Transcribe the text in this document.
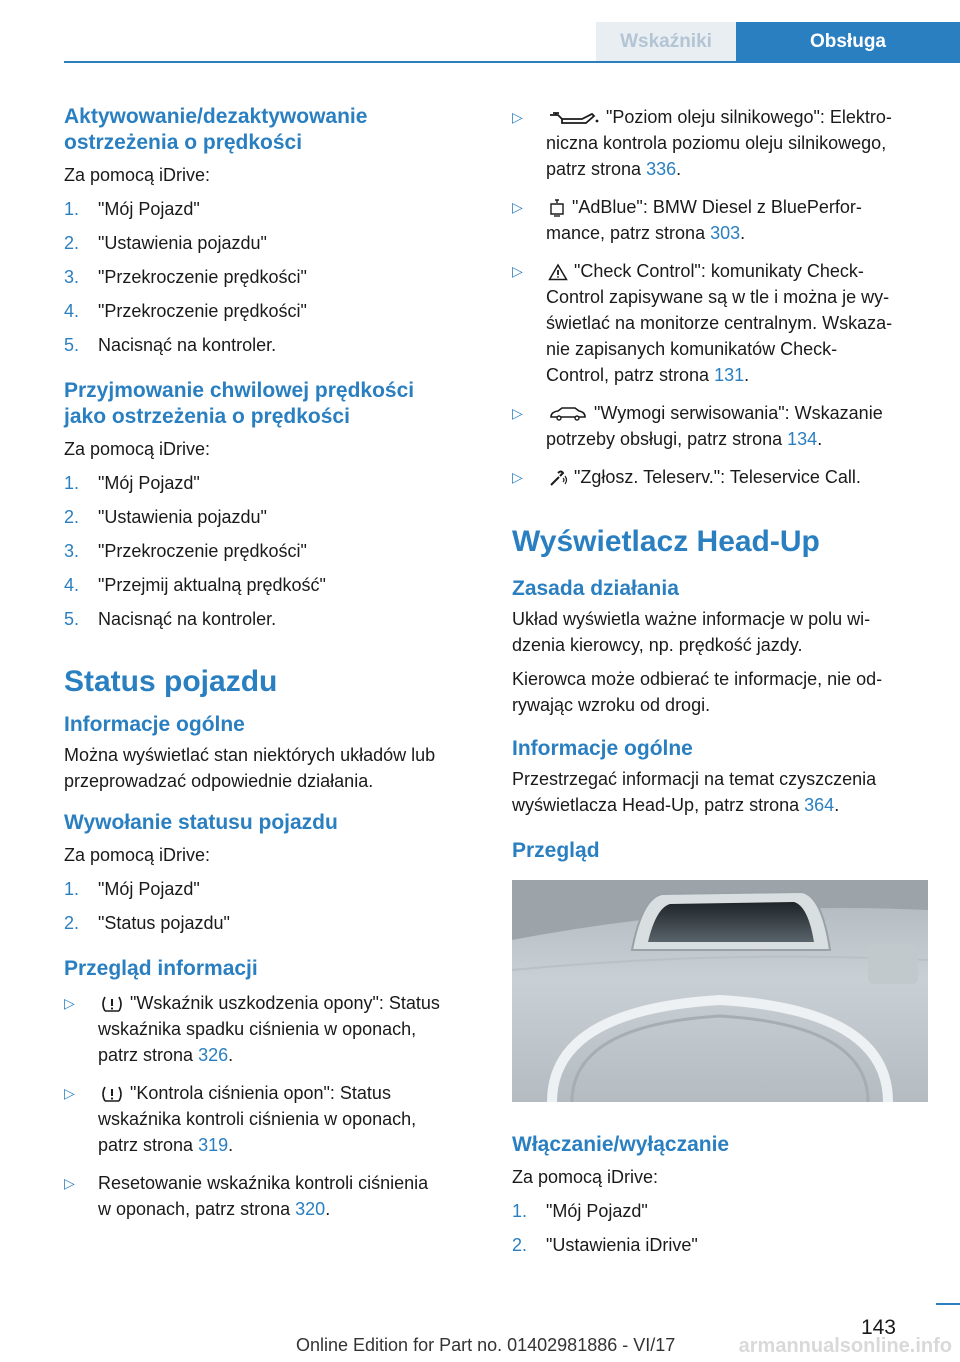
Wskaźniki	Obsługa
Aktywowanie/dezaktywowanie
ostrzeżenia o prędkości

Za pomocą iDrive:

1. "Mój Pojazd"
2. "Ustawienia pojazdu"
3. "Przekroczenie prędkości"
4. "Przekroczenie prędkości"
5. Nacisnąć na kontroler.
Przyjmowanie chwilowej prędkości
jako ostrzeżenia o prędkości

Za pomocą iDrive:

1. "Mój Pojazd"
2. "Ustawienia pojazdu"
3. "Przekroczenie prędkości"
4. "Przejmij aktualną prędkość"
5. Nacisnąć na kontroler.
Status pojazdu
Informacje ogólne

Można wyświetlać stan niektórych układów lub
przeprowadzać odpowiednie działania.

Wywołanie statusu pojazdu

Za pomocą iDrive:

1. "Mój Pojazd"
2. "Status pojazdu"
Przegląd informacji
▷	"Wskaźnik uszkodzenia opony": Status
wskaźnika spadku ciśnienia w oponach,
patrz strona 326.
▷	"Kontrola ciśnienia opon": Status
wskaźnika kontroli ciśnienia w oponach,
patrz strona 319.
▷ Resetowanie wskaźnika kontroli ciśnienia
w oponach, patrz strona 320.
▷	"Poziom oleju silnikowego": Elektro-
niczna kontrola poziomu oleju silnikowego,
patrz strona 336.
▷	"AdBlue": BMW Diesel z BluePerfor-
mance, patrz strona 303.
▷	"Check Control": komunikaty Check-
Control zapisywane są w tle i można je wy-
świetlać na monitorze centralnym. Wskaza-
nie zapisanych komunikatów Check-
Control, patrz strona 131.
▷	"Wymogi serwisowania": Wskazanie
potrzeby obsługi, patrz strona 134.
▷	"Zgłosz. Teleserv.": Teleservice Call.
Wyświetlacz Head-Up
Zasada działania

Układ wyświetla ważne informacje w polu wi-
dzenia kierowcy, np. prędkość jazdy.

Kierowca może odbierać te informacje, nie od-
rywając wzroku od drogi.

Informacje ogólne

Przestrzegać informacji na temat czyszczenia
wyświetlacza Head-Up, patrz strona 364.

Przegląd
Włączanie/wyłączanie

Za pomocą iDrive:

1. "Mój Pojazd"
2. "Ustawienia iDrive"
143
Online Edition for Part no. 01402981886 - VI/17	armannualsonline.info
